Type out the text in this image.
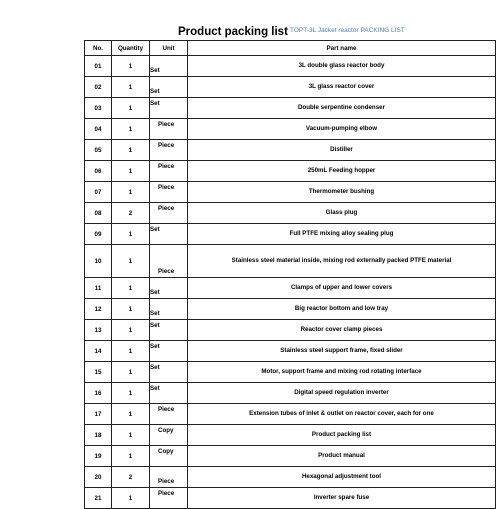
Product packing list TOPT-3L Jacket reactor PACKING LIST
No.	Quantity	Unit	Part name
01	1	Set	3L double glass reactor body
02	1	Set	3L glass reactor cover
03	1	Set	Double serpentine condenser
04	1	Piece	Vacuum-pumping elbow
05	1	Piece	Distiller
06	1	Piece	250mL Feeding hopper
07	1	Piece	Thermometer bushing
08	2	Piece	Glass plug
09	1	Set	Full PTFE mixing alloy sealing plug
10	1	Piece	Stainless steel material inside, mixing rod externally packed PTFE material
11	1	Set	Clamps of upper and lower covers
12	1	Set	Big reactor bottom and low tray
13	1	Set	Reactor cover clamp pieces
14	1	Set	Stainless steel support frame, fixed slider
15	1	Set	Motor, support frame and mixing rod rotating interface
16	1	Set	Digital speed regulation inverter
17	1	Piece	Extension tubes of inlet & outlet on reactor cover, each for one
18	1	Copy	Product packing list
19	1	Copy	Product manual
20	2	Piece	Hexagonal adjustment tool
21	1	Piece	Inverter spare fuse
